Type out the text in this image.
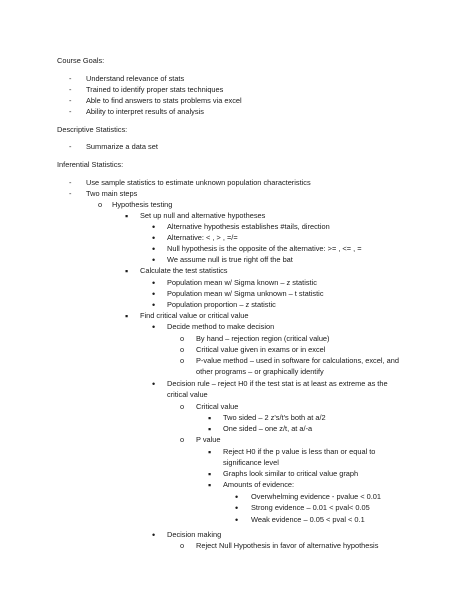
Course Goals:
- Understand relevance of stats
- Trained to identify proper stats techniques
- Able to find answers to stats problems via excel
- Ability to interpret results of analysis
Descriptive Statistics:
- Summarize a data set
Inferential Statistics:
- Use sample statistics to estimate unknown population characteristics
- Two main steps
o Hypothesis testing
▪ Set up null and alternative hypotheses
• Alternative hypothesis establishes #tails, direction
• Alternative: < , > , =/=
• Null hypothesis is the opposite of the alternative: >= , <= , =
• We assume null is true right off the bat
▪ Calculate the test statistics
• Population mean w/ Sigma known – z statistic
• Population mean w/ Sigma unknown – t statistic
• Population proportion – z statistic
▪ Find critical value or critical value
• Decide method to make decision
o By hand – rejection region (critical value)
o Critical value given in exams or in excel
o P-value method – used in software for calculations, excel, and
other programs – or graphically identify
• Decision rule – reject H0 if the test stat is at least as extreme as the
critical value
o Critical value
▪ Two sided – 2 z's/t's both at a/2
▪ One sided – one z/t, at a/-a
o P value
▪ Reject H0 if the p value is less than or equal to
significance level
▪ Graphs look similar to critical value graph
▪ Amounts of evidence:
• Overwhelming evidence - pvalue < 0.01
• Strong evidence – 0.01 < pval< 0.05
• Weak evidence – 0.05 < pval < 0.1
• Decision making
o Reject Null Hypothesis in favor of alternative hypothesis
